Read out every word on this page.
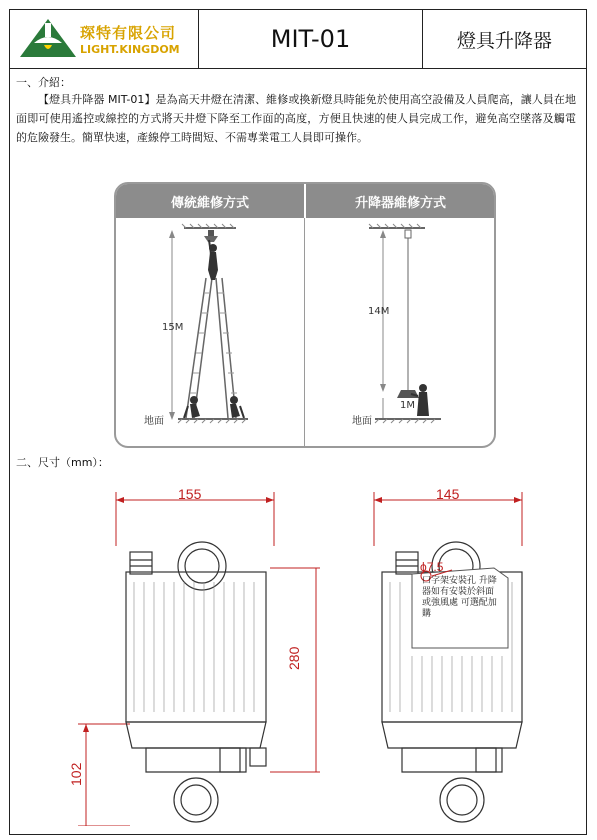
琛特有限公司
LIGHT.KINGDOM	MIT-01	燈具升降器
一、介紹：
【燈具升降器 MIT-01】是為高天井燈在清潔、維修或換新燈具時能免於使用高空設備及人員爬高，讓人員在地面即可使用遙控或線控的方式將天井燈下降至工作面的高度，方便且快速的使人員完成工作，避免高空墜落及觸電的危險發生。簡單快速，產線停工時間短、不需專業電工人員即可操作。
傳統維修方式	升降器維修方式
15M
地面
14M
1M
地面
二、尺寸（mm）：
155
280
102
145
ϕ7.5
口字架安裝孔 升降器如有安裝於斜面或強風處 可選配加購
